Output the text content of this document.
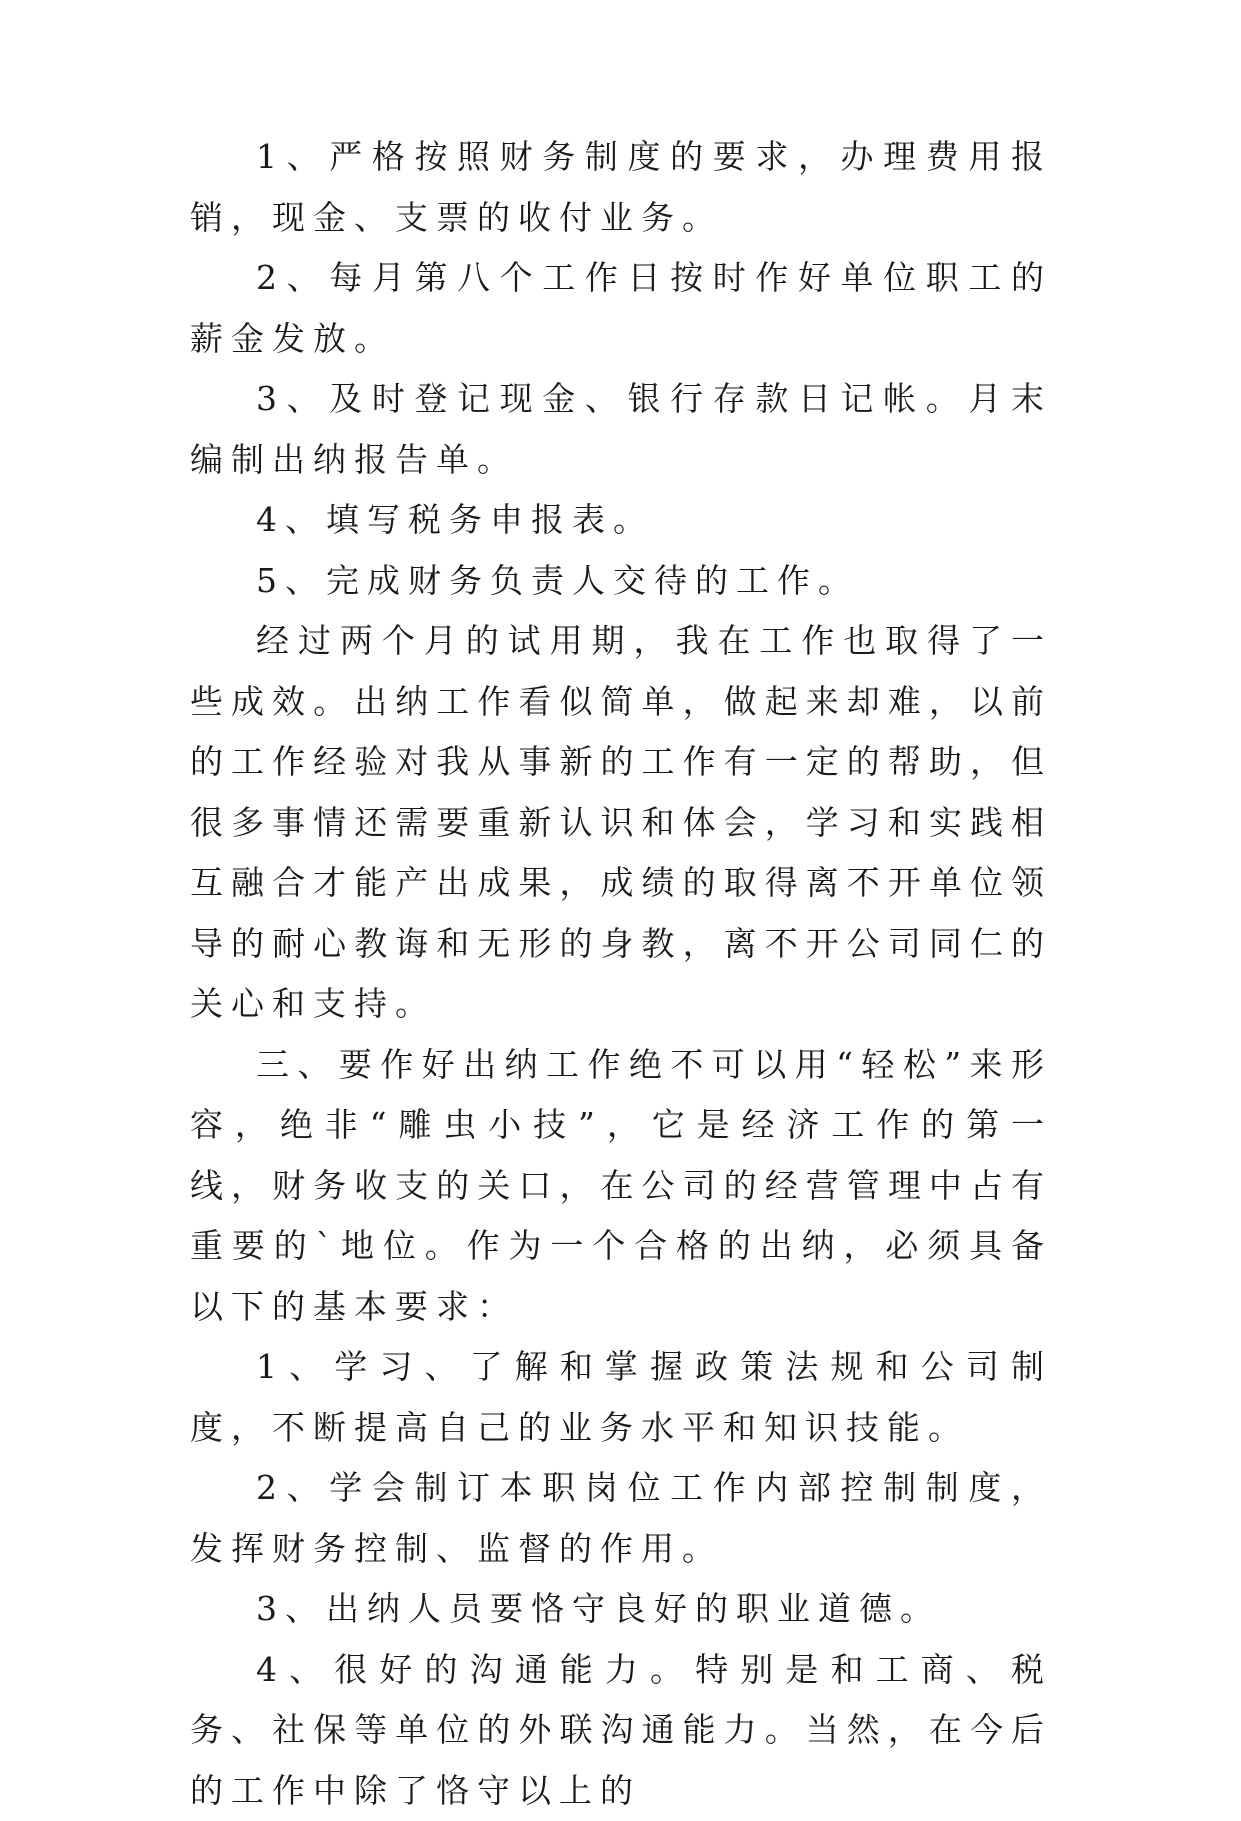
1、严格按照财务制度的要求，办理费用报销，现金、支票的收付业务。

2、每月第八个工作日按时作好单位职工的薪金发放。

3、及时登记现金、银行存款日记帐。月末编制出纳报告单。

4、填写税务申报表。

5、完成财务负责人交待的工作。

经过两个月的试用期，我在工作也取得了一些成效。出纳工作看似简单，做起来却难，以前的工作经验对我从事新的工作有一定的帮助，但很多事情还需要重新认识和体会，学习和实践相互融合才能产出成果，成绩的取得离不开单位领导的耐心教诲和无形的身教，离不开公司同仁的关心和支持。

三、要作好出纳工作绝不可以用“轻松”来形容，绝非“雕虫小技”，它是经济工作的第一线，财务收支的关口，在公司的经营管理中占有重要的`地位。作为一个合格的出纳，必须具备以下的基本要求：

1、学习、了解和掌握政策法规和公司制度，不断提高自己的业务水平和知识技能。

2、学会制订本职岗位工作内部控制制度，发挥财务控制、监督的作用。

3、出纳人员要恪守良好的职业道德。

4、很好的沟通能力。特别是和工商、税务、社保等单位的外联沟通能力。当然，在今后的工作中除了恪守以上的
